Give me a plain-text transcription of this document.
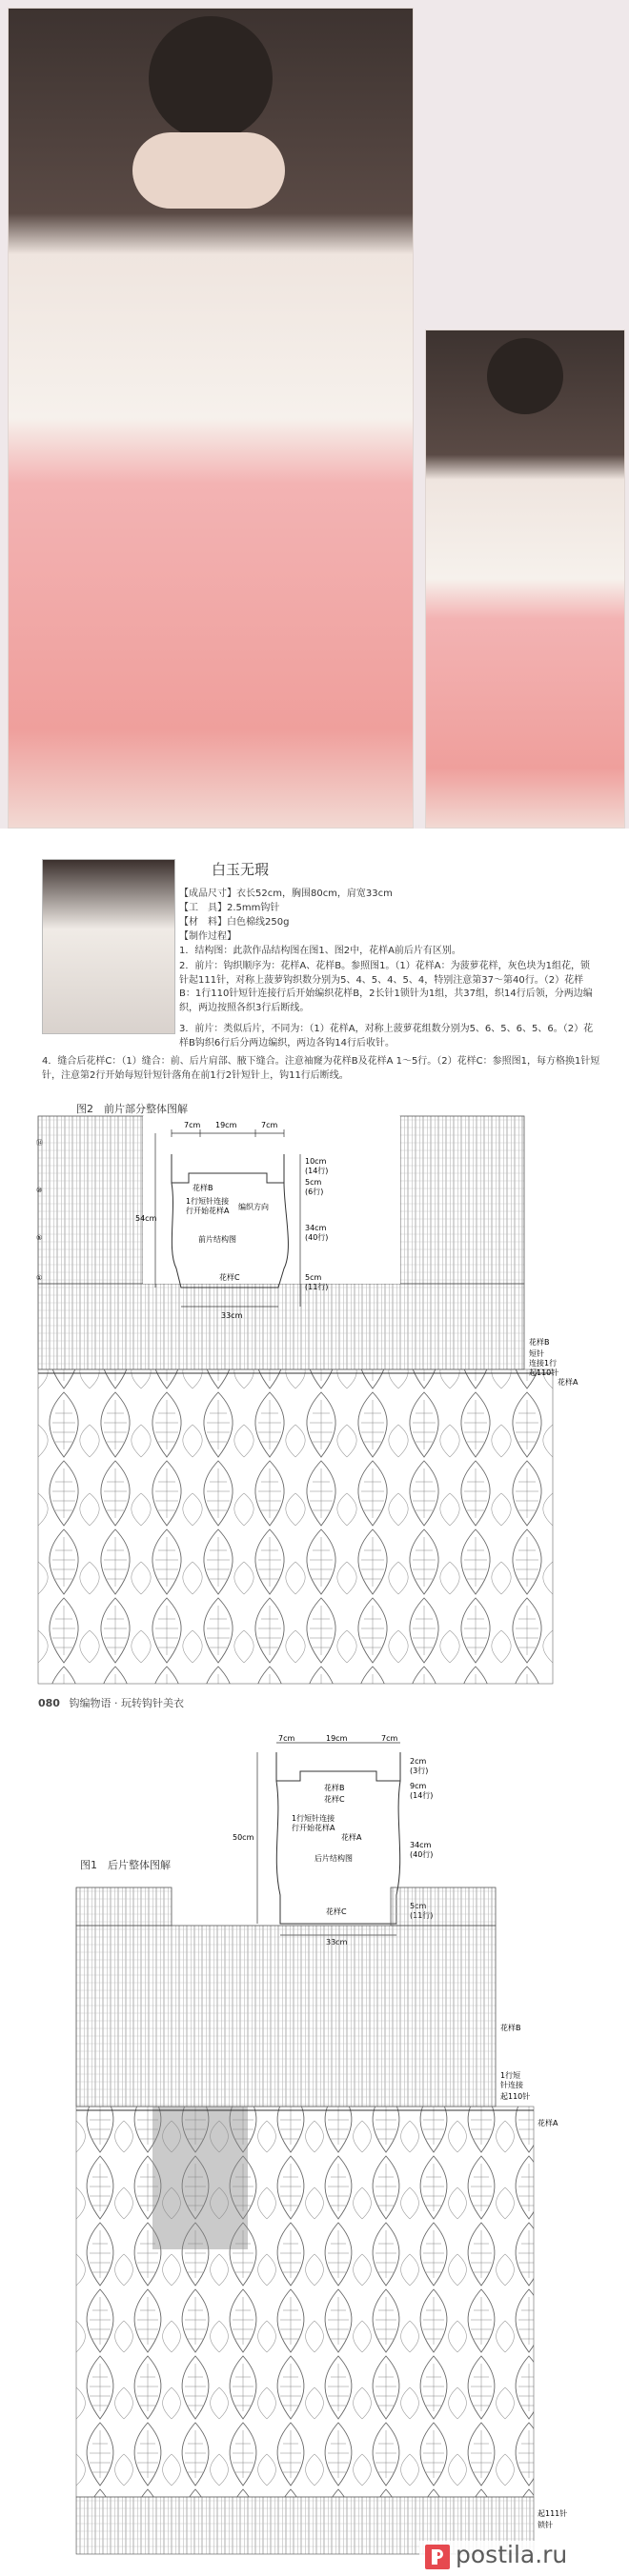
白玉无瑕
【成品尺寸】衣长52cm，胸围80cm，肩宽33cm
【工　具】2.5mm钩针
【材　料】白色棉线250g
【制作过程】
1．结构图：此款作品结构图在图1、图2中，花样A前后片有区别。
2．前片：钩织顺序为：花样A、花样B。参照图1。（1）花样A：为菠萝花样，灰色块为1组花，锁针起111针，对称上菠萝钩织数分别为5、4、5、4、5、4，特别注意第37～第40行。（2）花样B：1行110针短针连接行后开始编织花样B，2长针1锁针为1组，共37组，织14行后领，分两边编织，两边按照各织3行后断线。
3．前片：类似后片，不同为：（1）花样A，对称上菠萝花组数分别为5、6、5、6、5、6。（2）花样B钩织6行后分两边编织，两边各钩14行后收针。
4．缝合后花样C：（1）缝合：前、后片肩部、腋下缝合。注意袖窿为花样B及花样A 1～5行。（2）花样C：参照图1，每方格换1针短针，注意第2行开始每短针短针落角在前1行2针短针上，钩11行后断线。
图2　前片部分整体图解
7cm 19cm	7cm
54cm
10cm
(14行)
5cm
(6行)
34cm
(40行)
5cm
(11行)
33cm
花样B
1行短针连接
行开始花样A 编织方向
前片结构图
花样C
花样B
短针
连接1行
起110针
花样A
①
⑤
⑩
⑭
080 钩编物语 · 玩转钩针美衣
7cm	19cm	7cm
50cm
2cm
(3行)
9cm
(14行)
34cm
(40行)
花样B
花样C
1行短针连接
行开始花样A
后片结构图
花样A
花样C
图1　后片整体图解
花样B
1行短
针连接
起110针
花样A
起111针
锁针
postila.ru
